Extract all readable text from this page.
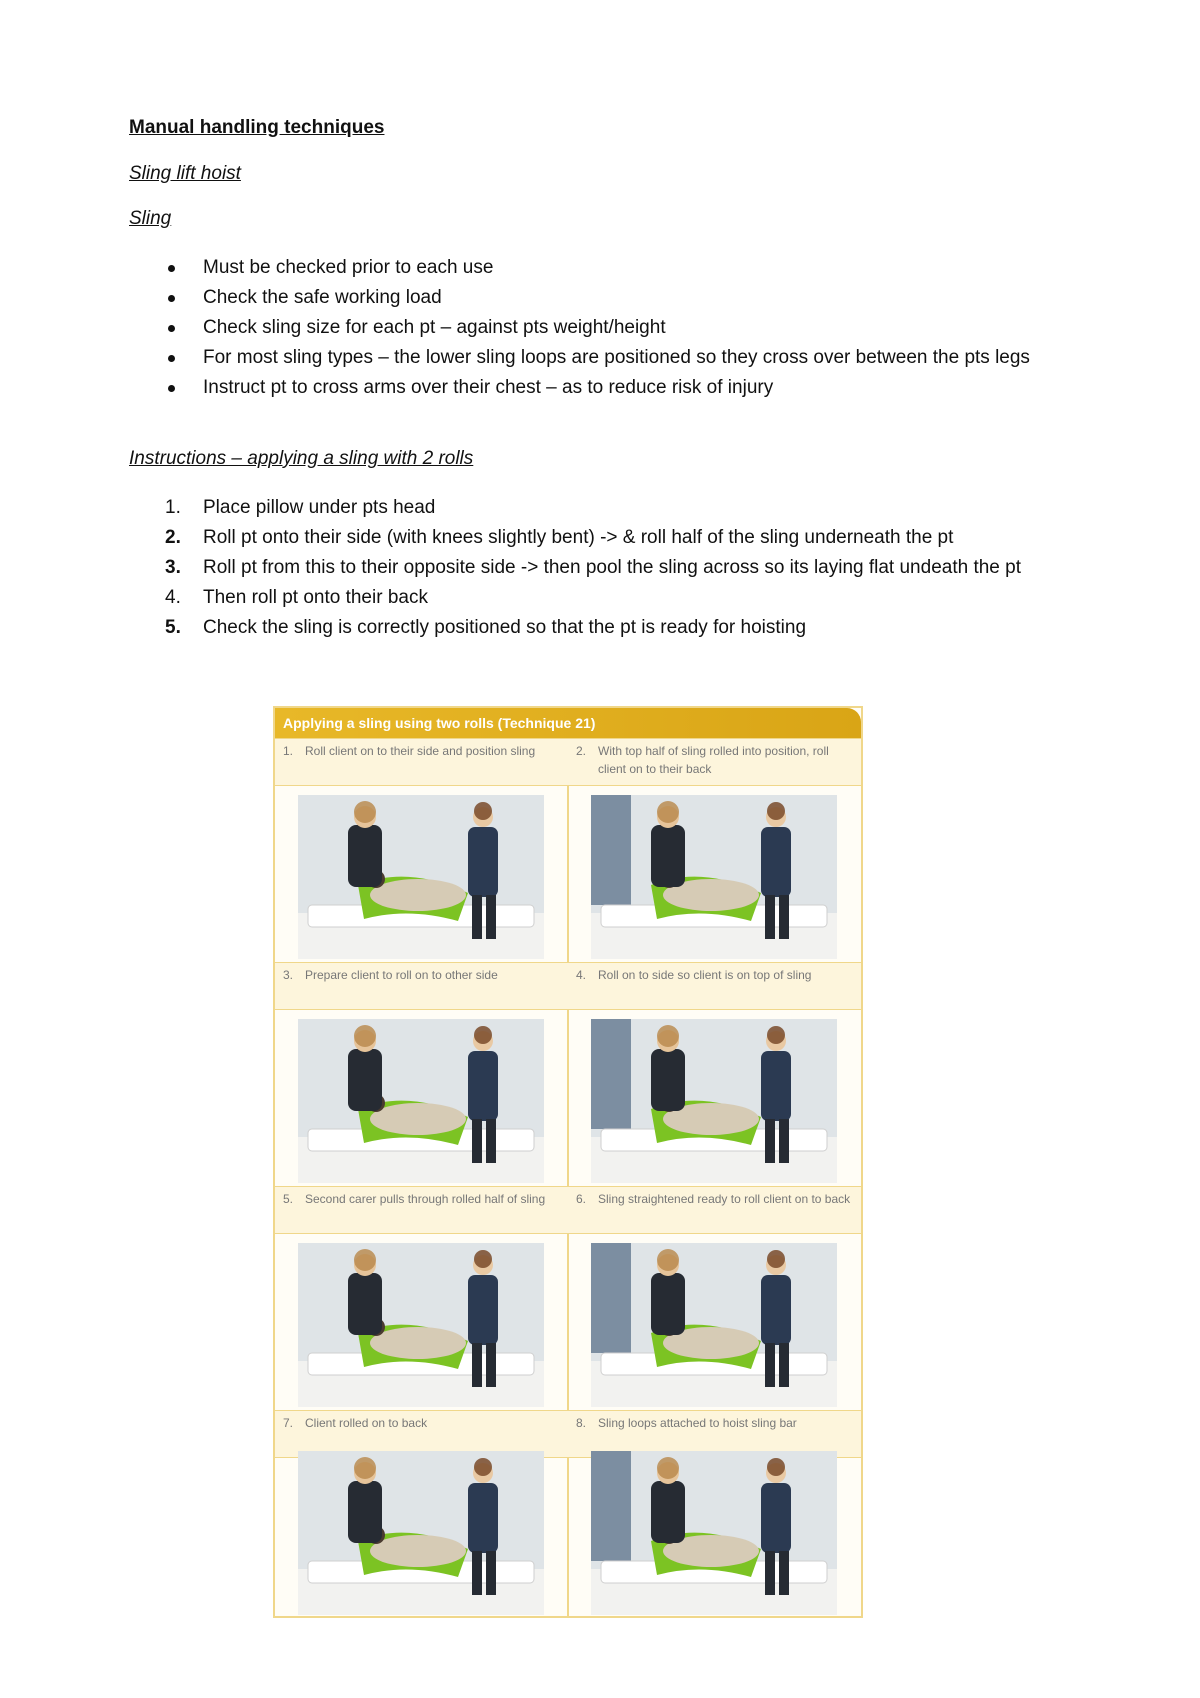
Manual handling techniques
Sling lift hoist
Sling
Must be checked prior to each use
Check the safe working load
Check sling size for each pt – against pts weight/height
For most sling types – the lower sling loops are positioned so they cross over between the pts legs
Instruct pt to cross arms over their chest – as to reduce risk of injury
Instructions – applying a sling with 2 rolls
1.	Place pillow under pts head
2.	Roll pt onto their side (with knees slightly bent) -> & roll half of the sling underneath the pt
3.	Roll pt from this to their opposite side -> then pool the sling across so its laying flat undeath the pt
4.	Then roll pt onto their back
5.	Check the sling is correctly positioned so that the pt is ready for hoisting
Applying a sling using two rolls (Technique 21)
1. Roll client on to their side and position sling	2. With top half of sling rolled into position, roll client on to their back
3. Prepare client to roll on to other side	4. Roll on to side so client is on top of sling
5. Second carer pulls through rolled half of sling	6. Sling straightened ready to roll client on to back
7. Client rolled on to back	8. Sling loops attached to hoist sling bar
